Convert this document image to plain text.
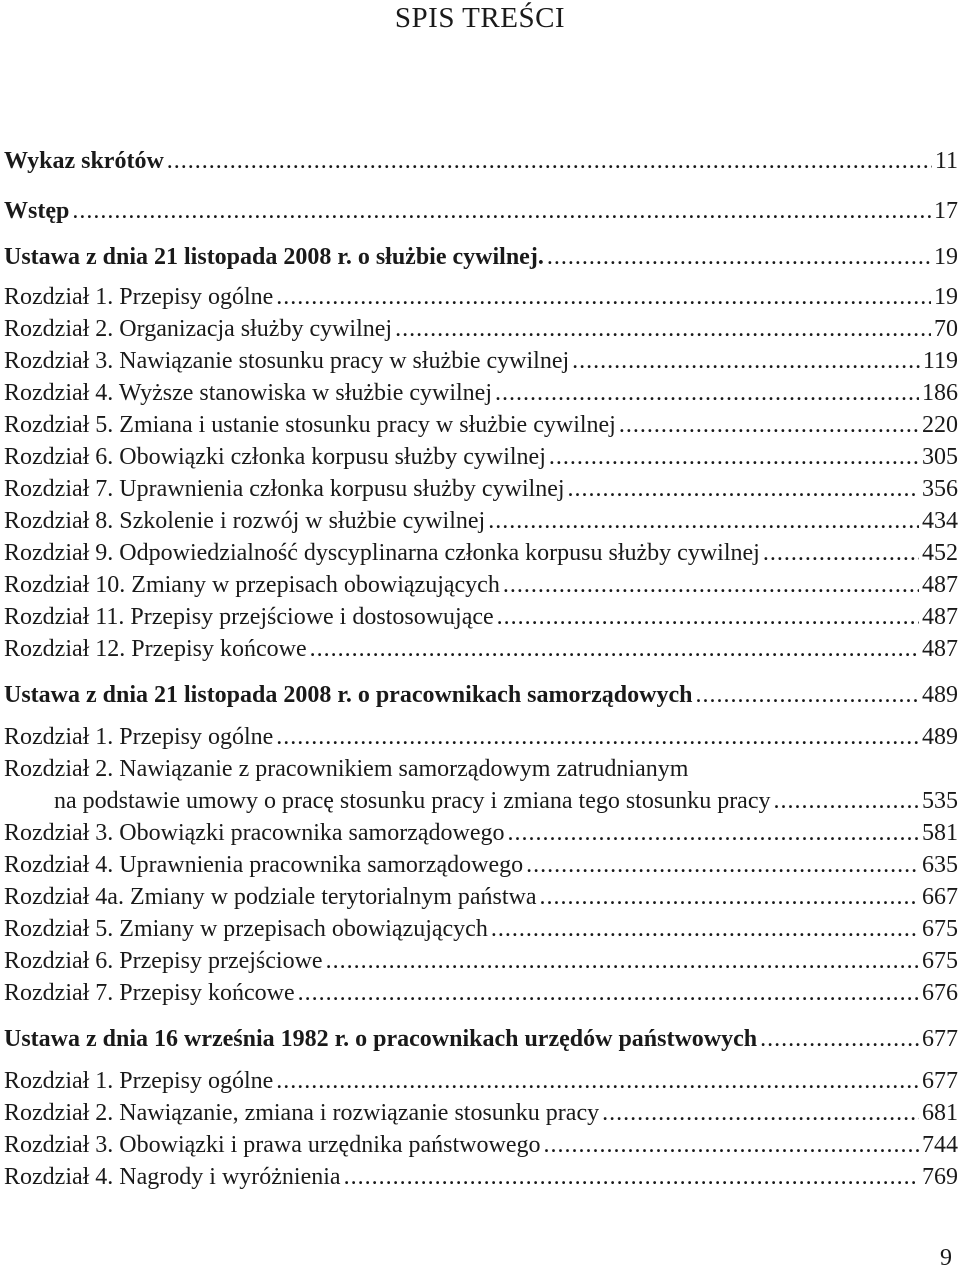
SPIS TREŚCI
Wykaz skrótów .....	11
Wstęp .....	17
Ustawa z dnia 21 listopada 2008 r. o służbie cywilnej. .....	19
Rozdział 1. Przepisy ogólne .....	19
Rozdział 2. Organizacja służby cywilnej .....	70
Rozdział 3. Nawiązanie stosunku pracy w służbie cywilnej .....	119
Rozdział 4. Wyższe stanowiska w służbie cywilnej .....	186
Rozdział 5. Zmiana i ustanie stosunku pracy w służbie cywilnej .....	220
Rozdział 6. Obowiązki członka korpusu służby cywilnej .....	305
Rozdział 7. Uprawnienia członka korpusu służby cywilnej .....	356
Rozdział 8. Szkolenie i rozwój w służbie cywilnej .....	434
Rozdział 9. Odpowiedzialność dyscyplinarna członka korpusu służby cywilnej .....	452
Rozdział 10. Zmiany w przepisach obowiązujących .....	487
Rozdział 11. Przepisy przejściowe i dostosowujące .....	487
Rozdział 12. Przepisy końcowe .....	487
Ustawa z dnia 21 listopada 2008 r. o pracownikach samorządowych .....	489
Rozdział 1. Przepisy ogólne .....	489
Rozdział 2. Nawiązanie z pracownikiem samorządowym zatrudnianym
na podstawie umowy o pracę stosunku pracy i zmiana tego stosunku pracy .....	535
Rozdział 3. Obowiązki pracownika samorządowego .....	581
Rozdział 4. Uprawnienia pracownika samorządowego .....	635
Rozdział 4a. Zmiany w podziale terytorialnym państwa .....	667
Rozdział 5. Zmiany w przepisach obowiązujących .....	675
Rozdział 6. Przepisy przejściowe .....	675
Rozdział 7. Przepisy końcowe .....	676
Ustawa z dnia 16 września 1982 r. o pracownikach urzędów państwowych .....	677
Rozdział 1. Przepisy ogólne .....	677
Rozdział 2. Nawiązanie, zmiana i rozwiązanie stosunku pracy .....	681
Rozdział 3. Obowiązki i prawa urzędnika państwowego .....	744
Rozdział 4. Nagrody i wyróżnienia .....	769
9
